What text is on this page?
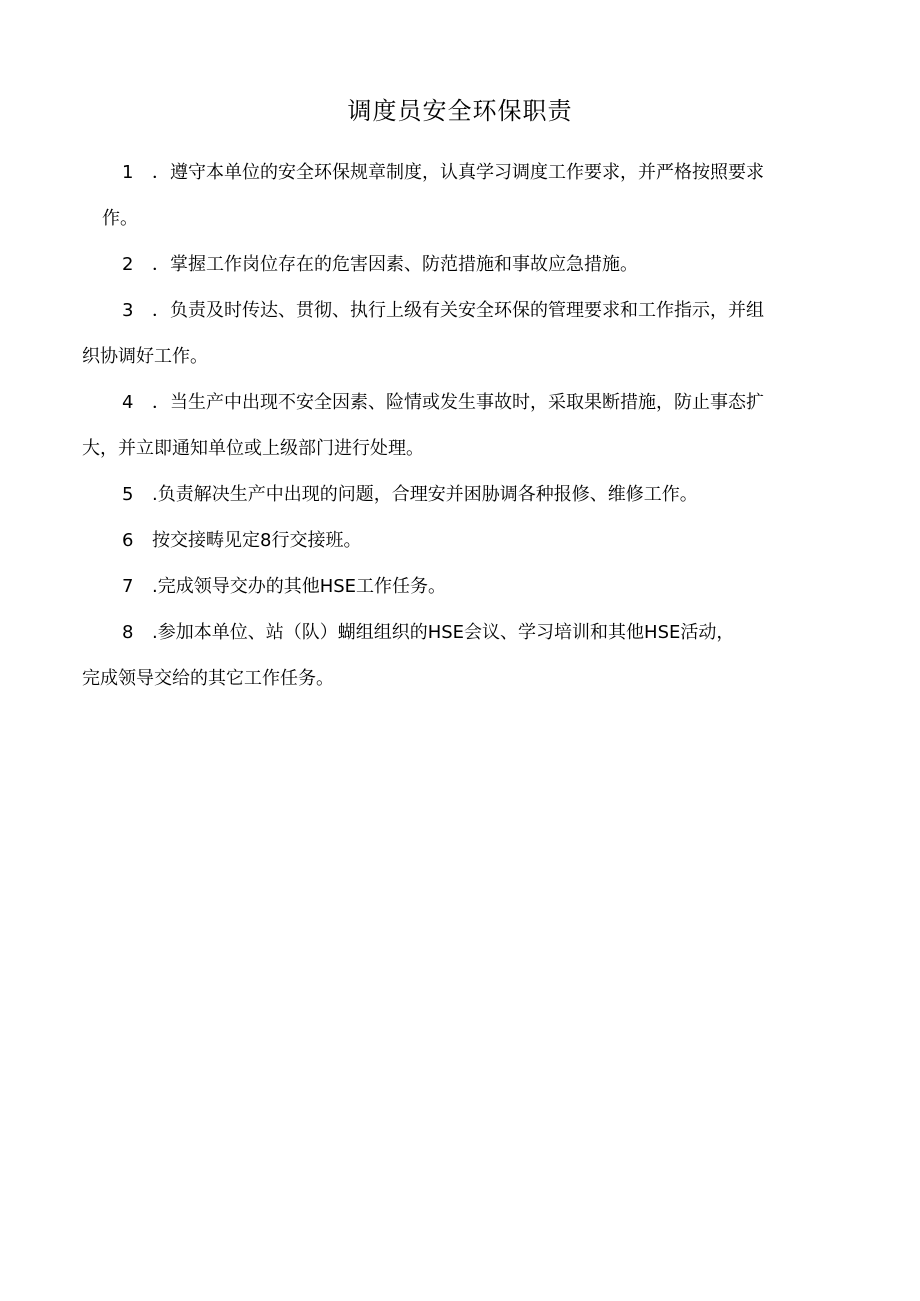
调度员安全环保职责
1 ．遵守本单位的安全环保规章制度，认真学习调度工作要求，并严格按照要求
作。
2 ．掌握工作岗位存在的危害因素、防范措施和事故应急措施。
3 ．负责及时传达、贯彻、执行上级有关安全环保的管理要求和工作指示，并组
织协调好工作。
4 ．当生产中出现不安全因素、险情或发生事故时，采取果断措施，防止事态扩
大，并立即通知单位或上级部门进行处理。
5 .负责解决生产中出现的问题，合理安并困胁调各种报修、维修工作。
6 按交接畴见定8行交接班。
7 .完成领导交办的其他HSE工作任务。
8 .参加本单位、站（队）蝴组组织的HSE会议、学习培训和其他HSE活动，
完成领导交给的其它工作任务。
